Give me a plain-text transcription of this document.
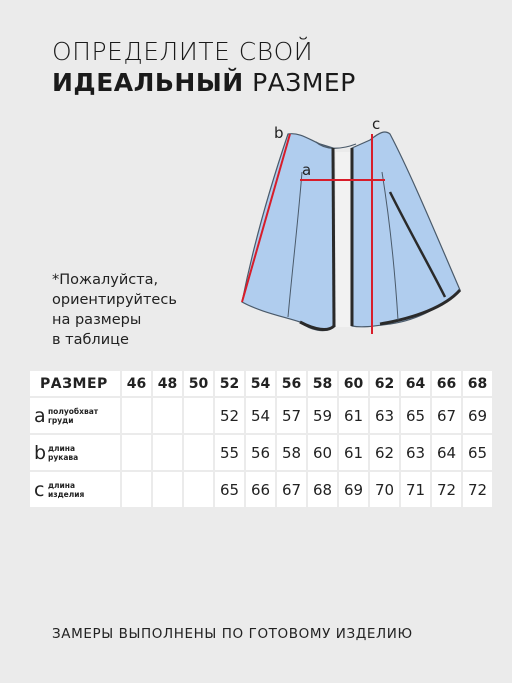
ОПРЕДЕЛИТЕ СВОЙ
ИДЕАЛЬНЫЙ РАЗМЕР
*Пожалуйста,
ориентируйтесь
на размеры
в таблице
a
b	c
РАЗМЕР	46	48	50	52	54	56	58	60	62	64	66	68
a полуобхват
груди				52	54	57	59	61	63	65	67	69
b длина
рукава				55	56	58	60	61	62	63	64	65
c длина
изделия				65	66	67	68	69	70	71	72	72
ЗАМЕРЫ ВЫПОЛНЕНЫ ПО ГОТОВОМУ ИЗДЕЛИЮ
